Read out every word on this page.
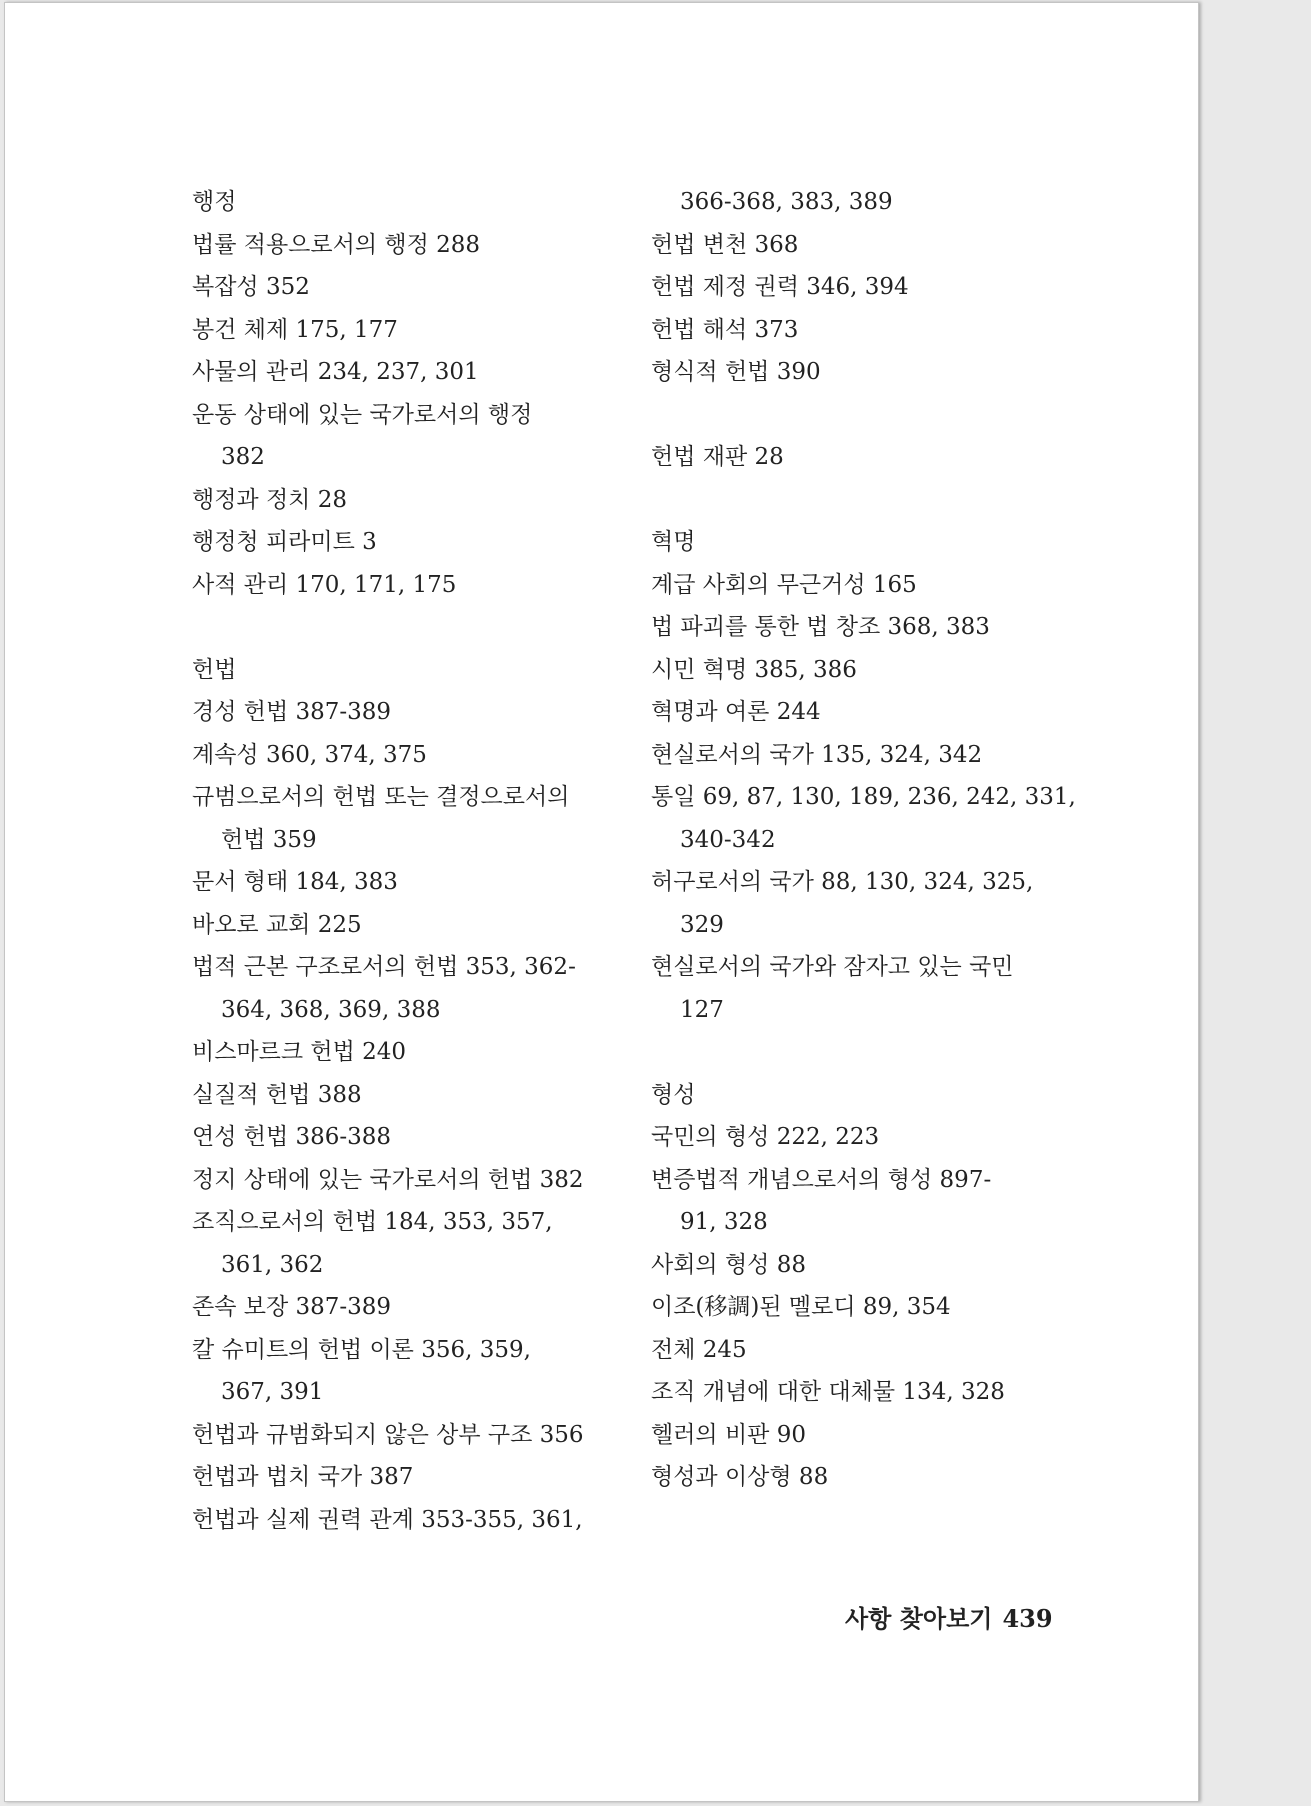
행정
법률 적용으로서의 행정 288
복잡성 352
봉건 체제 175, 177
사물의 관리 234, 237, 301
운동 상태에 있는 국가로서의 행정
382
행정과 정치 28
행정청 피라미트 3
사적 관리 170, 171, 175
헌법
경성 헌법 387-389
계속성 360, 374, 375
규범으로서의 헌법 또는 결정으로서의
헌법 359
문서 형태 184, 383
바오로 교회 225
법적 근본 구조로서의 헌법 353, 362-
364, 368, 369, 388
비스마르크 헌법 240
실질적 헌법 388
연성 헌법 386-388
정지 상태에 있는 국가로서의 헌법 382
조직으로서의 헌법 184, 353, 357,
361, 362
존속 보장 387-389
칼 슈미트의 헌법 이론 356, 359,
367, 391
헌법과 규범화되지 않은 상부 구조 356
헌법과 법치 국가 387
헌법과 실제 권력 관계 353-355, 361,
366-368, 383, 389
헌법 변천 368
헌법 제정 권력 346, 394
헌법 해석 373
형식적 헌법 390
헌법 재판 28
혁명
계급 사회의 무근거성 165
법 파괴를 통한 법 창조 368, 383
시민 혁명 385, 386
혁명과 여론 244
현실로서의 국가 135, 324, 342
통일 69, 87, 130, 189, 236, 242, 331,
340-342
허구로서의 국가 88, 130, 324, 325,
329
현실로서의 국가와 잠자고 있는 국민
127
형성
국민의 형성 222, 223
변증법적 개념으로서의 형성 897-
91, 328
사회의 형성 88
이조(移調)된 멜로디 89, 354
전체 245
조직 개념에 대한 대체물 134, 328
헬러의 비판 90
형성과 이상형 88
사항 찾아보기 439
